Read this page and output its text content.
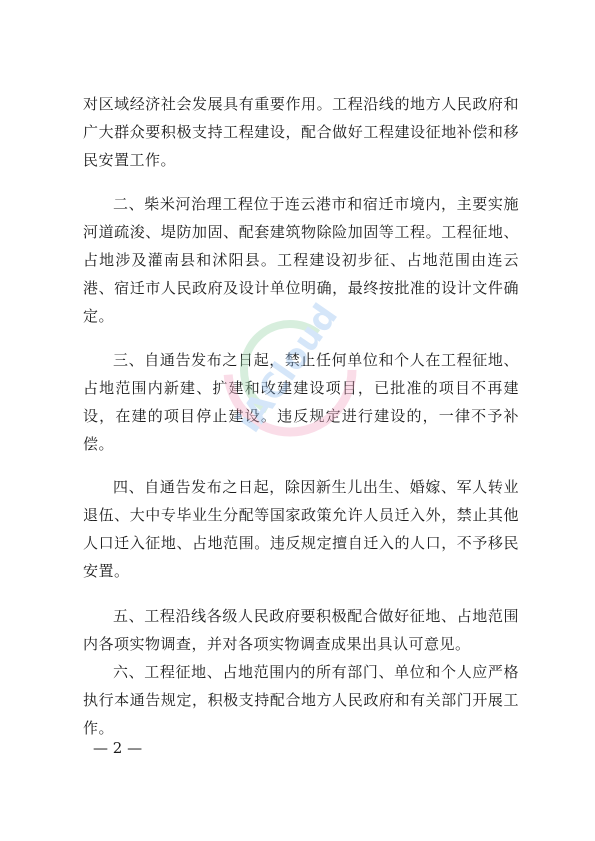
对区域经济社会发展具有重要作用。工程沿线的地方人民政府和广大群众要积极支持工程建设，配合做好工程建设征地补偿和移民安置工作。

二、柴米河治理工程位于连云港市和宿迁市境内，主要实施河道疏浚、堤防加固、配套建筑物除险加固等工程。工程征地、占地涉及灌南县和沭阳县。工程建设初步征、占地范围由连云港、宿迁市人民政府及设计单位明确，最终按批准的设计文件确定。

三、自通告发布之日起，禁止任何单位和个人在工程征地、占地范围内新建、扩建和改建建设项目，已批准的项目不再建设，在建的项目停止建设。违反规定进行建设的，一律不予补偿。

四、自通告发布之日起，除因新生儿出生、婚嫁、军人转业退伍、大中专毕业生分配等国家政策允许人员迁入外，禁止其他人口迁入征地、占地范围。违反规定擅自迁入的人口，不予移民安置。

五、工程沿线各级人民政府要积极配合做好征地、占地范围内各项实物调查，并对各项实物调查成果出具认可意见。

六、工程征地、占地范围内的所有部门、单位和个人应严格执行本通告规定，积极支持配合地方人民政府和有关部门开展工作。

— 2 —
iACloud
